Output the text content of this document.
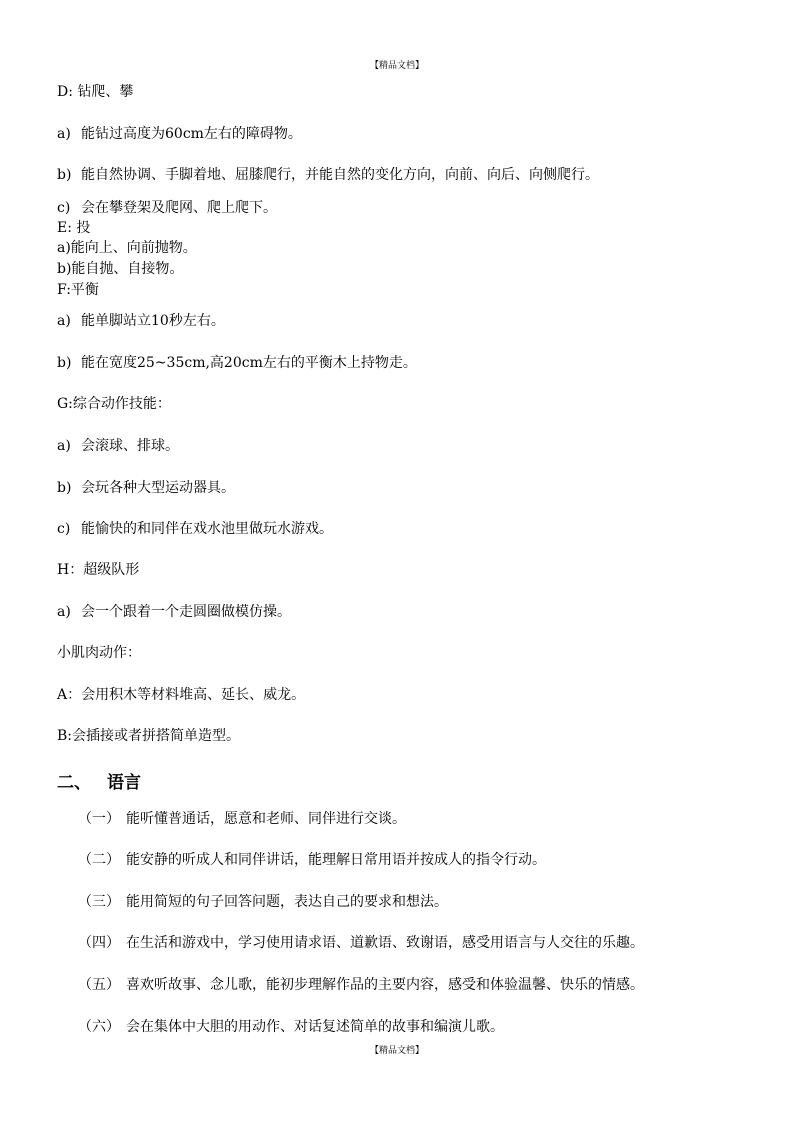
【精品文档】
D: 钻爬、攀
a) 能钻过高度为60cm左右的障碍物。
b) 能自然协调、手脚着地、屈膝爬行，并能自然的变化方向，向前、向后、向侧爬行。
c) 会在攀登架及爬网、爬上爬下。
E: 投
a)能向上、向前抛物。
b)能自抛、自接物。
F:平衡
a) 能单脚站立10秒左右。
b) 能在宽度25~35cm,高20cm左右的平衡木上持物走。
G:综合动作技能：
a) 会滚球、排球。
b) 会玩各种大型运动器具。
c) 能愉快的和同伴在戏水池里做玩水游戏。
H：超级队形
a) 会一个跟着一个走圆圈做模仿操。
小肌肉动作：
A：会用积木等材料堆高、延长、威龙。
B:会插接或者拼搭简单造型。
二、 语言
（一） 能听懂普通话，愿意和老师、同伴进行交谈。
（二） 能安静的听成人和同伴讲话，能理解日常用语并按成人的指令行动。
（三） 能用简短的句子回答问题，表达自己的要求和想法。
（四） 在生活和游戏中，学习使用请求语、道歉语、致谢语，感受用语言与人交往的乐趣。
（五） 喜欢听故事、念儿歌，能初步理解作品的主要内容，感受和体验温馨、快乐的情感。
（六） 会在集体中大胆的用动作、对话复述简单的故事和编演儿歌。
【精品文档】
